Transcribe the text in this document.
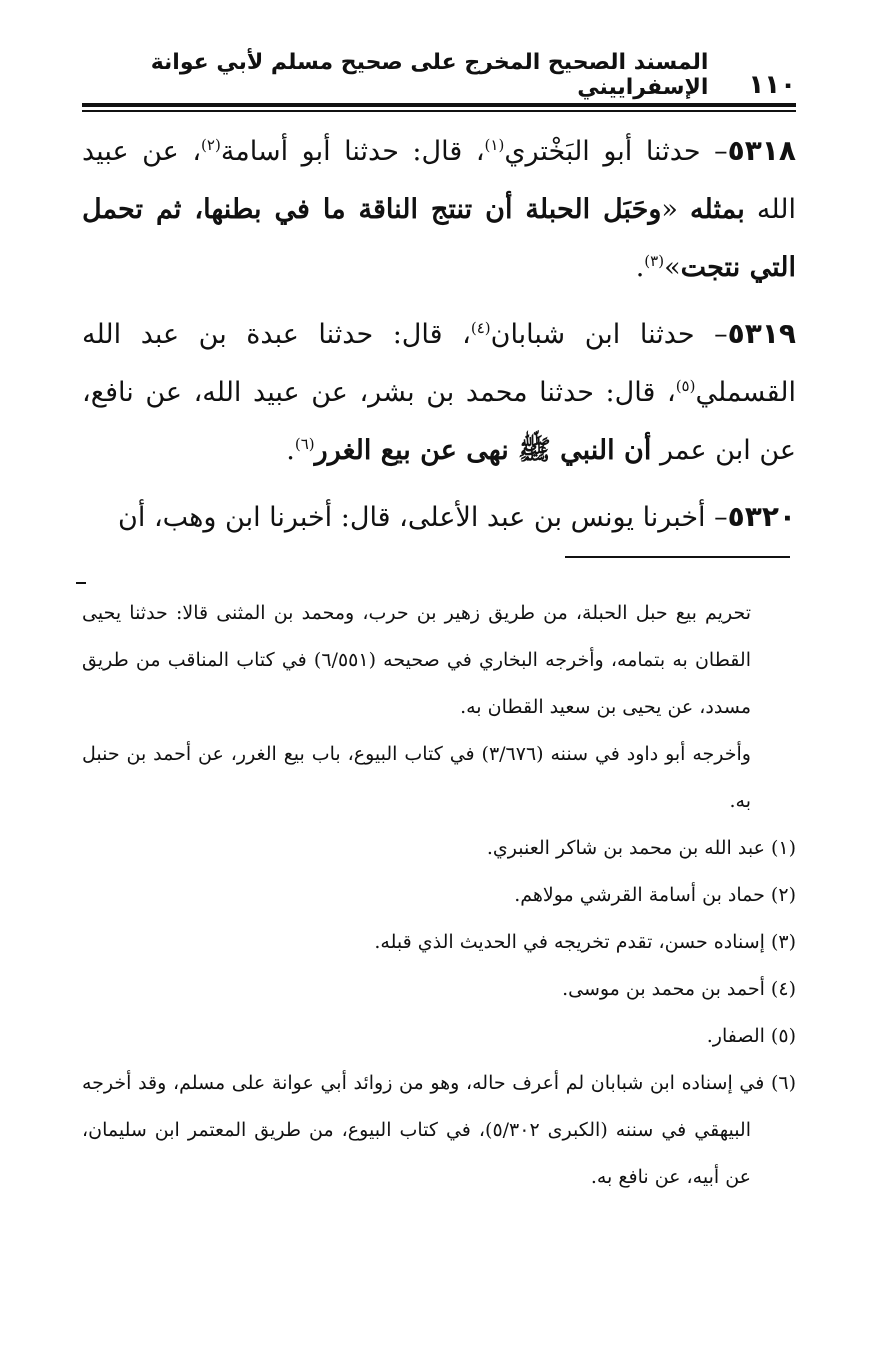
١١٠
المسند الصحيح المخرج على صحيح مسلم لأبي عوانة الإسفراييني

٥٣١٨– حدثنا أبو البَخْتري$^{(١)}$، قال: حدثنا أبو أسامة$^{(٢)}$، عن عبيد الله بمثله «وحَبَل الحبلة أن تنتج الناقة ما في بطنها، ثم تحمل التي نتجت»$^{(٣)}$.

٥٣١٩– حدثنا ابن شبابان$^{(٤)}$، قال: حدثنا عبدة بن عبد الله القسملي$^{(٥)}$، قال: حدثنا محمد بن بشر، عن عبيد الله، عن نافع، عن ابن عمر أن النبي ﷺ نهى عن بيع الغرر$^{(٦)}$.

٥٣٢٠– أخبرنا يونس بن عبد الأعلى، قال: أخبرنا ابن وهب، أن

تحريم بيع حبل الحبلة، من طريق زهير بن حرب، ومحمد بن المثنى قالا: حدثنا يحيى القطان به بتمامه، وأخرجه البخاري في صحيحه (٦/٥٥١) في كتاب المناقب من طريق مسدد، عن يحيى بن سعيد القطان به.

وأخرجه أبو داود في سننه (٣/٦٧٦) في كتاب البيوع، باب بيع الغرر، عن أحمد بن حنبل به.

(١) عبد الله بن محمد بن شاكر العنبري.

(٢) حماد بن أسامة القرشي مولاهم.

(٣) إسناده حسن، تقدم تخريجه في الحديث الذي قبله.

(٤) أحمد بن محمد بن موسى.

(٥) الصفار.

(٦) في إسناده ابن شبابان لم أعرف حاله، وهو من زوائد أبي عوانة على مسلم، وقد أخرجه البيهقي في سننه (الكبرى ٥/٣٠٢)، في كتاب البيوع، من طريق المعتمر ابن سليمان، عن أبيه، عن نافع به.
